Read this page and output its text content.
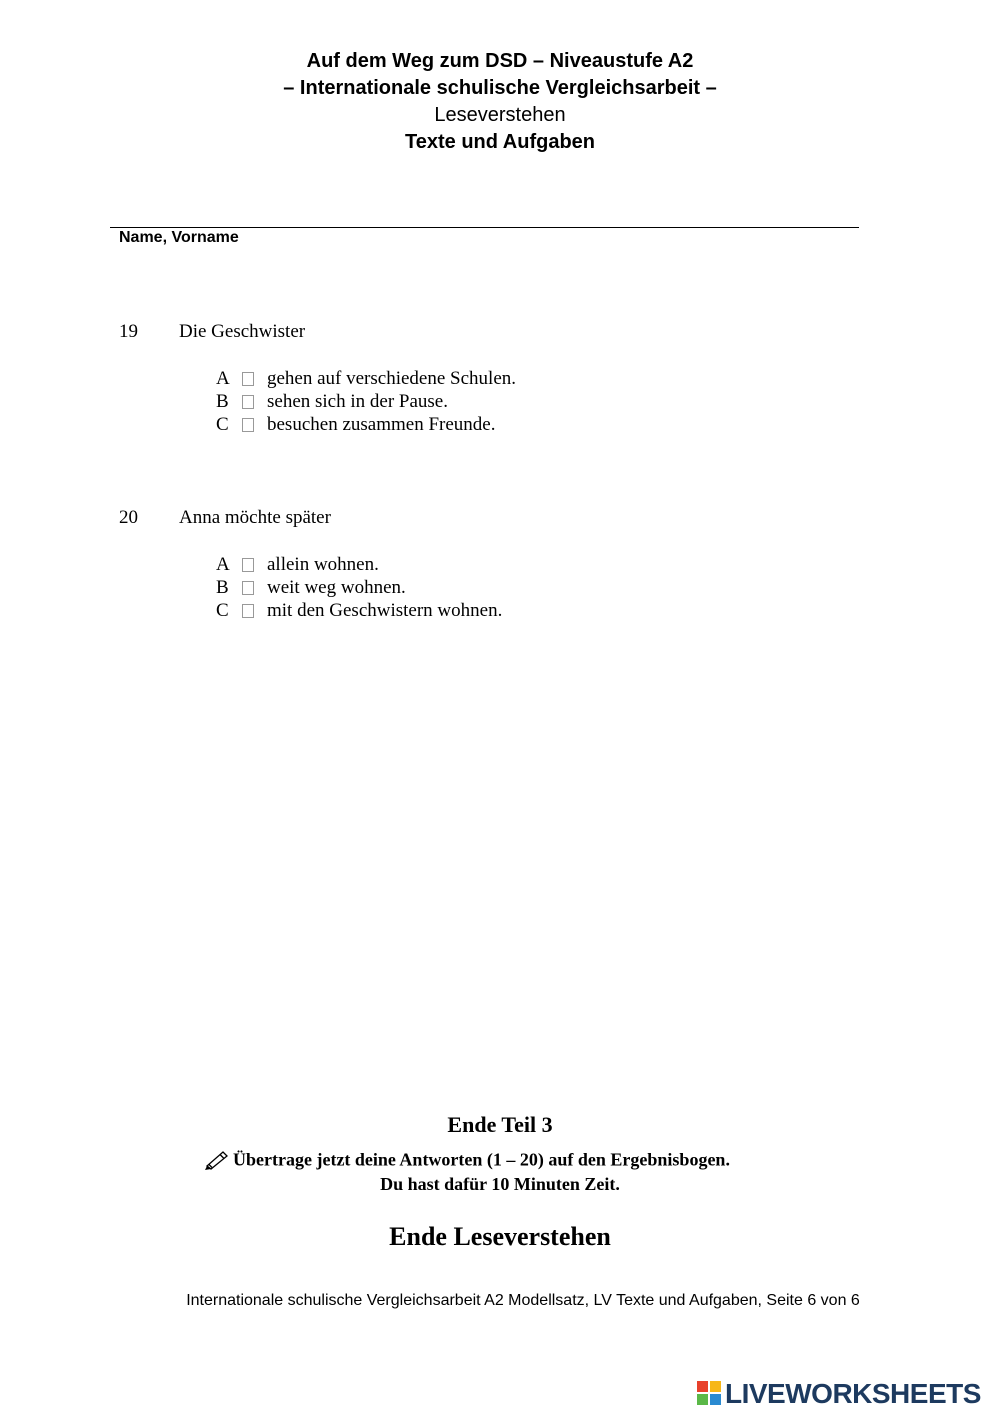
Auf dem Weg zum DSD – Niveaustufe A2
– Internationale schulische Vergleichsarbeit –
Leseverstehen
Texte und Aufgaben
Name, Vorname
19 Die Geschwister
A	gehen auf verschiedene Schulen.
B	sehen sich in der Pause.
C	besuchen zusammen Freunde.
20 Anna möchte später
A	allein wohnen.
B	weit weg wohnen.
C	mit den Geschwistern wohnen.
Ende Teil 3
Übertrage jetzt deine Antworten (1 – 20) auf den Ergebnisbogen.
Du hast dafür 10 Minuten Zeit.
Ende Leseverstehen
Internationale schulische Vergleichsarbeit A2 Modellsatz, LV Texte und Aufgaben, Seite 6 von 6
LIVEWORKSHEETS
